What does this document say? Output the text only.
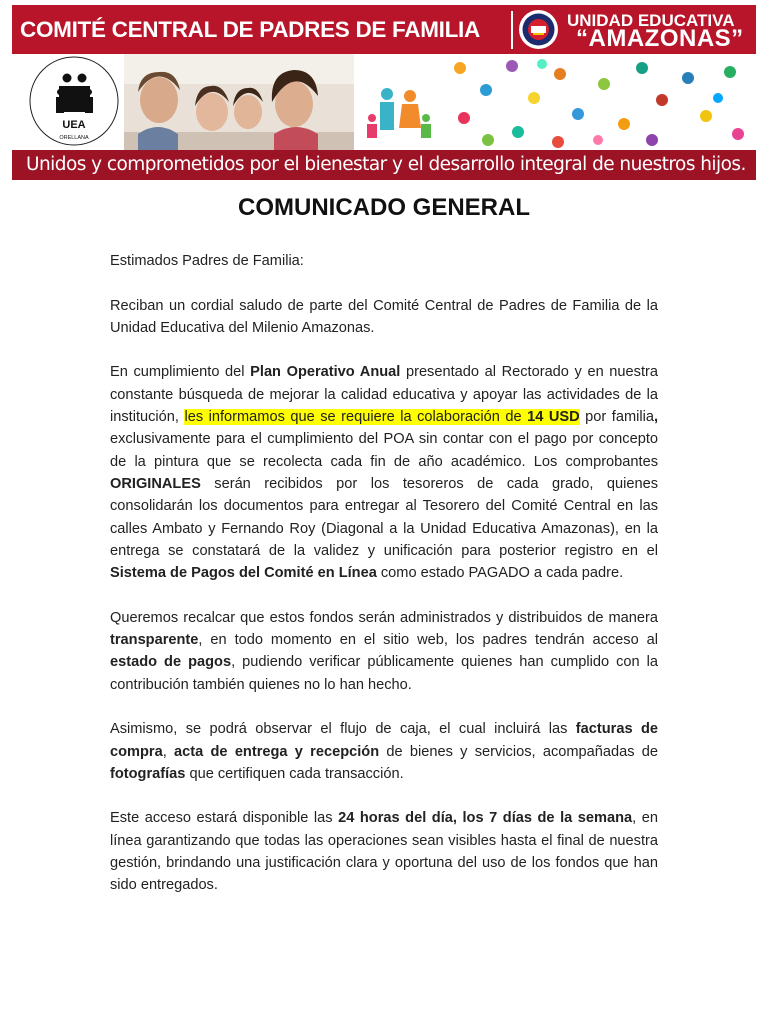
COMITÉ CENTRAL DE PADRES DE FAMILIA	UNIDAD EDUCATIVA
“AMAZONAS”
UEA
ORELLANA
Unidos y comprometidos por el bienestar y el desarrollo integral de nuestros hijos.
COMUNICADO GENERAL

Estimados Padres de Familia:

Reciban un cordial saludo de parte del Comité Central de Padres de Familia de la Unidad Educativa del Milenio Amazonas.

En cumplimiento del Plan Operativo Anual presentado al Rectorado y en nuestra constante búsqueda de mejorar la calidad educativa y apoyar las actividades de la institución, les informamos que se requiere la colaboración de 14 USD por familia, exclusivamente para el cumplimiento del POA sin contar con el pago por concepto de la pintura que se recolecta cada fin de año académico. Los comprobantes ORIGINALES serán recibidos por los tesoreros de cada grado, quienes consolidarán los documentos para entregar al Tesorero del Comité Central en las calles Ambato y Fernando Roy (Diagonal a la Unidad Educativa Amazonas), en la entrega se constatará de la validez y unificación para posterior registro en el Sistema de Pagos del Comité en Línea como estado PAGADO a cada padre.

Queremos recalcar que estos fondos serán administrados y distribuidos de manera transparente, en todo momento en el sitio web, los padres tendrán acceso al estado de pagos, pudiendo verificar públicamente quienes han cumplido con la contribución también quienes no lo han hecho.

Asimismo, se podrá observar el flujo de caja, el cual incluirá las facturas de compra, acta de entrega y recepción de bienes y servicios, acompañadas de fotografías que certifiquen cada transacción.

Este acceso estará disponible las 24 horas del día, los 7 días de la semana, en línea garantizando que todas las operaciones sean visibles hasta el final de nuestra gestión, brindando una justificación clara y oportuna del uso de los fondos que han sido entregados.
